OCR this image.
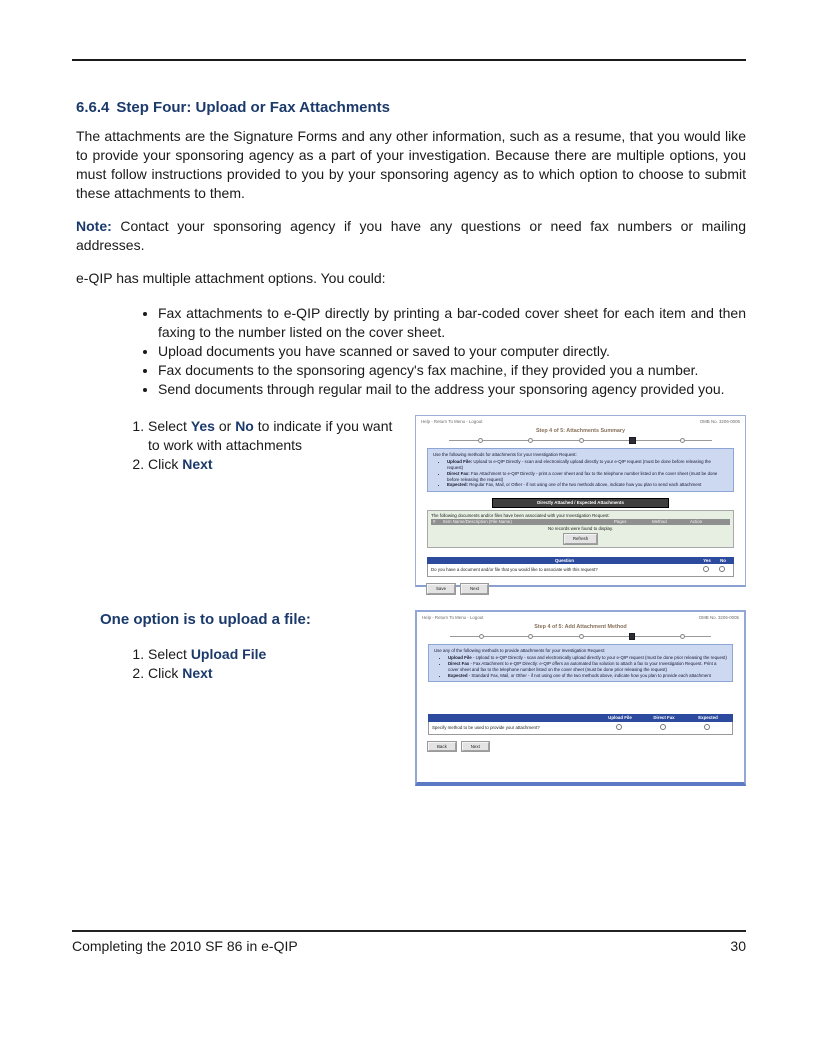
6.6.4 Step Four: Upload or Fax Attachments

The attachments are the Signature Forms and any other information, such as a resume, that you would like to provide your sponsoring agency as a part of your investigation. Because there are multiple options, you must follow instructions provided to you by your sponsoring agency as to which option to choose to submit these attachments to them.

Note: Contact your sponsoring agency if you have any questions or need fax numbers or mailing addresses.

e-QIP has multiple attachment options. You could:

• Fax attachments to e-QIP directly by printing a bar-coded cover sheet for each item and then faxing to the number listed on the cover sheet.
• Upload documents you have scanned or saved to your computer directly.
• Fax documents to the sponsoring agency's fax machine, if they provided you a number.
• Send documents through regular mail to the address your sponsoring agency provided you.
1. Select Yes or No to indicate if you want to work with attachments
2. Click Next
Help - Return To Menu - Logout	OMB No. 3206-0005
Step 4 of 5: Attachments Summary
Use the following methods for attachments for your Investigation Request:
• Upload File: Upload to e-QIP Directly - scan and electronically upload directly to your e-QIP request (must be done before releasing the request)
• Direct Fax: Fax Attachment to e-QIP Directly - print a cover sheet and fax to the telephone number listed on the cover sheet (must be done before releasing the request)
• Expected: Regular Fax, Mail, or Other - if not using one of the two methods above, indicate how you plan to send each attachment
Directly Attached / Expected Attachments
The following documents and/or files have been associated with your Investigation Request:
#	Item Name/Description (File Name)	Pages	Method	Action
No records were found to display.
Refresh
Question	Yes	No
Do you have a document and/or file that you would like to associate with this request?
Save	Next
One option is to upload a file:
1. Select Upload File
2. Click Next
Help - Return To Menu - Logout	OMB No. 3206-0005
Step 4 of 5: Add Attachment Method
Use any of the following methods to provide attachments for your Investigation Request:
• Upload File - Upload to e-QIP Directly - scan and electronically upload directly to your e-QIP request (must be done prior releasing the request)
• Direct Fax - Fax Attachment to e-QIP Directly: e-QIP offers an automated fax solution to attach a fax to your Investigation Request. Print a cover sheet and fax to the telephone number listed on the cover sheet (must be done prior releasing the request)
• Expected - Standard Fax, Mail, or Other - if not using one of the two methods above, indicate how you plan to provide each attachment
Upload File	Direct Fax	Expected
Specify method to be used to provide your attachment?
Back	Next
Completing the 2010 SF 86 in e-QIP	30
